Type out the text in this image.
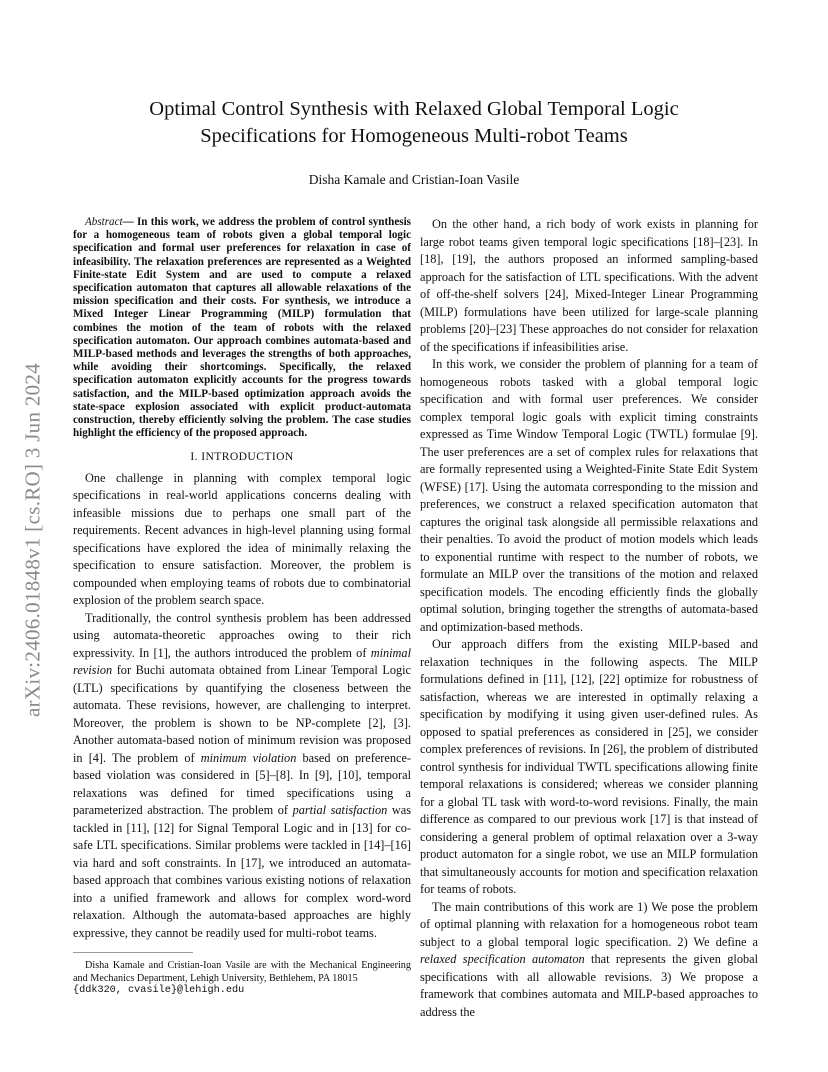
arXiv:2406.01848v1 [cs.RO] 3 Jun 2024
Optimal Control Synthesis with Relaxed Global Temporal Logic
Specifications for Homogeneous Multi-robot Teams
Disha Kamale and Cristian-Ioan Vasile

Abstract— In this work, we address the problem of control synthesis for a homogeneous team of robots given a global temporal logic specification and formal user preferences for relaxation in case of infeasibility. The relaxation preferences are represented as a Weighted Finite-state Edit System and are used to compute a relaxed specification automaton that captures all allowable relaxations of the mission specification and their costs. For synthesis, we introduce a Mixed Integer Linear Programming (MILP) formulation that combines the motion of the team of robots with the relaxed specification automaton. Our approach combines automata-based and MILP-based methods and leverages the strengths of both approaches, while avoiding their shortcomings. Specifically, the relaxed specification automaton explicitly accounts for the progress towards satisfaction, and the MILP-based optimization approach avoids the state-space explosion associated with explicit product-automata construction, thereby efficiently solving the problem. The case studies highlight the efficiency of the proposed approach.

I. INTRODUCTION

One challenge in planning with complex temporal logic specifications in real-world applications concerns dealing with infeasible missions due to perhaps one small part of the requirements. Recent advances in high-level planning using formal specifications have explored the idea of minimally relaxing the specification to ensure satisfaction. Moreover, the problem is compounded when employing teams of robots due to combinatorial explosion of the problem search space.

Traditionally, the control synthesis problem has been addressed using automata-theoretic approaches owing to their rich expressivity. In [1], the authors introduced the problem of minimal revision for Buchi automata obtained from Linear Temporal Logic (LTL) specifications by quantifying the closeness between the automata. These revisions, however, are challenging to interpret. Moreover, the problem is shown to be NP-complete [2], [3]. Another automata-based notion of minimum revision was proposed in [4]. The problem of minimum violation based on preference-based violation was considered in [5]–[8]. In [9], [10], temporal relaxations was defined for timed specifications using a parameterized abstraction. The problem of partial satisfaction was tackled in [11], [12] for Signal Temporal Logic and in [13] for co-safe LTL specifications. Similar problems were tackled in [14]–[16] via hard and soft constraints. In [17], we introduced an automata-based approach that combines various existing notions of relaxation into a unified framework and allows for complex word-word relaxation. Although the automata-based approaches are highly expressive, they cannot be readily used for multi-robot teams.

Disha Kamale and Cristian-Ioan Vasile are with the Mechanical Engineering and Mechanics Department, Lehigh University, Bethlehem, PA 18015

{ddk320, cvasile}@lehigh.edu

On the other hand, a rich body of work exists in planning for large robot teams given temporal logic specifications [18]–[23]. In [18], [19], the authors proposed an informed sampling-based approach for the satisfaction of LTL specifications. With the advent of off-the-shelf solvers [24], Mixed-Integer Linear Programming (MILP) formulations have been utilized for large-scale planning problems [20]–[23] These approaches do not consider for relaxation of the specifications if infeasibilities arise.

In this work, we consider the problem of planning for a team of homogeneous robots tasked with a global temporal logic specification and with formal user preferences. We consider complex temporal logic goals with explicit timing constraints expressed as Time Window Temporal Logic (TWTL) formulae [9]. The user preferences are a set of complex rules for relaxations that are formally represented using a Weighted-Finite State Edit System (WFSE) [17]. Using the automata corresponding to the mission and preferences, we construct a relaxed specification automaton that captures the original task alongside all permissible relaxations and their penalties. To avoid the product of motion models which leads to exponential runtime with respect to the number of robots, we formulate an MILP over the transitions of the motion and relaxed specification models. The encoding efficiently finds the globally optimal solution, bringing together the strengths of automata-based and optimization-based methods.

Our approach differs from the existing MILP-based and relaxation techniques in the following aspects. The MILP formulations defined in [11], [12], [22] optimize for robustness of satisfaction, whereas we are interested in optimally relaxing a specification by modifying it using given user-defined rules. As opposed to spatial preferences as considered in [25], we consider complex preferences of revisions. In [26], the problem of distributed control synthesis for individual TWTL specifications allowing finite temporal relaxations is considered; whereas we consider planning for a global TL task with word-to-word revisions. Finally, the main difference as compared to our previous work [17] is that instead of considering a general problem of optimal relaxation over a 3-way product automaton for a single robot, we use an MILP formulation that simultaneously accounts for motion and specification relaxation for teams of robots.

The main contributions of this work are 1) We pose the problem of optimal planning with relaxation for a homogeneous robot team subject to a global temporal logic specification. 2) We define a relaxed specification automaton that represents the given global specifications with all allowable revisions. 3) We propose a framework that combines automata and MILP-based approaches to address the
